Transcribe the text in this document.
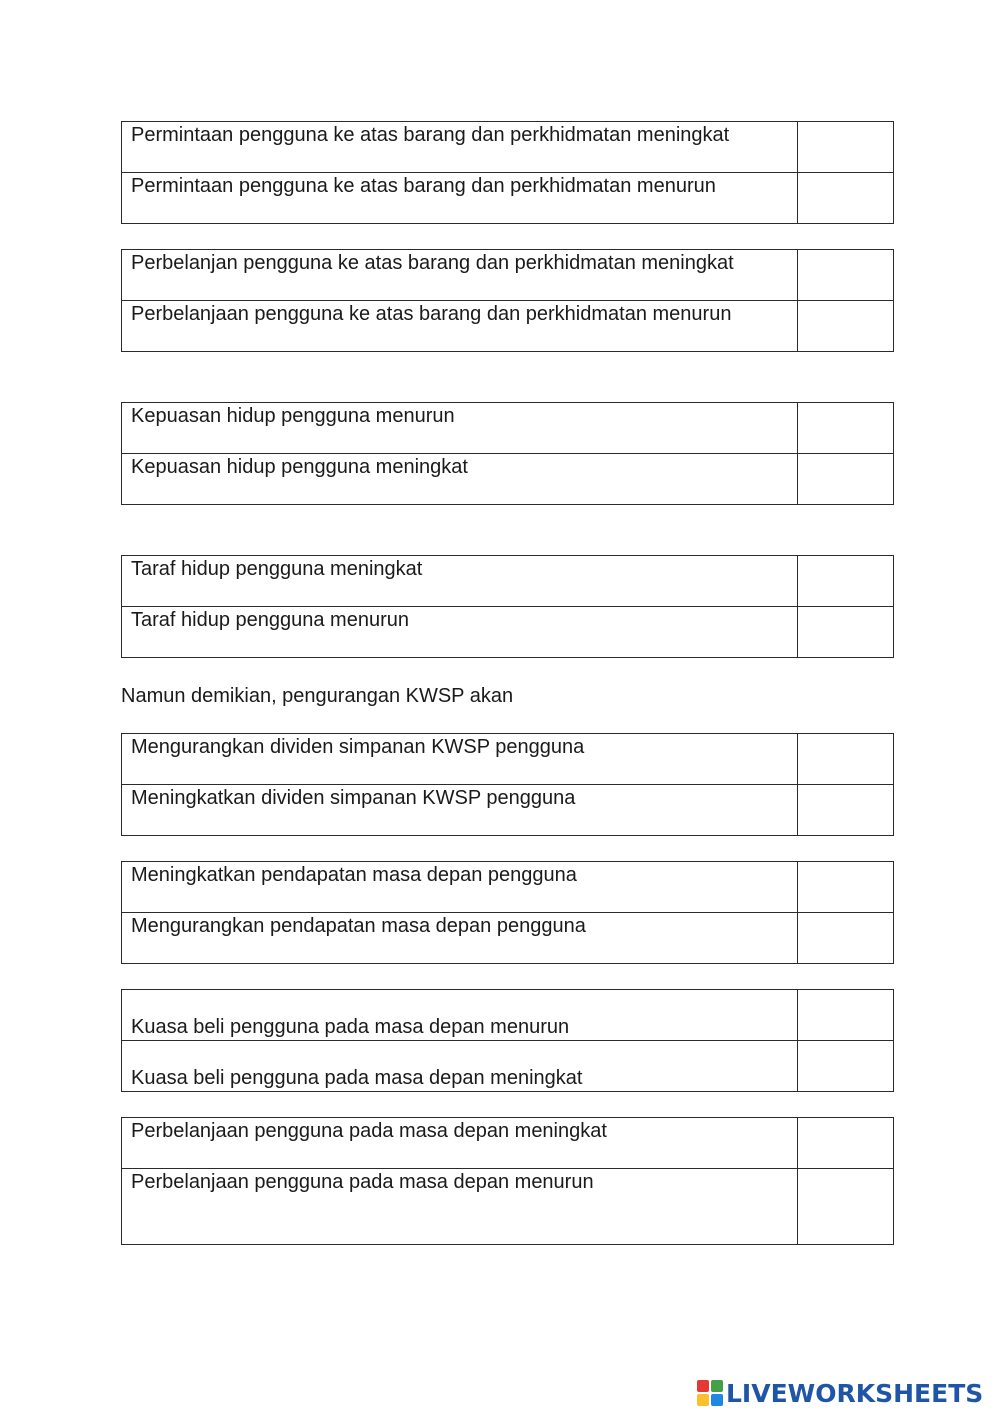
Permintaan pengguna ke atas barang dan perkhidmatan meningkat	
Permintaan pengguna ke atas barang dan perkhidmatan menurun	
Perbelanjan pengguna ke atas barang dan perkhidmatan meningkat	
Perbelanjaan pengguna ke atas barang dan perkhidmatan menurun	
Kepuasan hidup pengguna menurun	
Kepuasan hidup pengguna meningkat	
Taraf hidup pengguna meningkat	
Taraf hidup pengguna menurun	
Namun demikian, pengurangan KWSP akan
Mengurangkan dividen simpanan KWSP pengguna	
Meningkatkan dividen simpanan KWSP pengguna	
Meningkatkan pendapatan masa depan pengguna	
Mengurangkan pendapatan masa depan pengguna	
Kuasa beli pengguna pada masa depan menurun	
Kuasa beli pengguna pada masa depan meningkat	
Perbelanjaan pengguna pada masa depan meningkat	
Perbelanjaan pengguna pada masa depan menurun	
LIVEWORKSHEETS
